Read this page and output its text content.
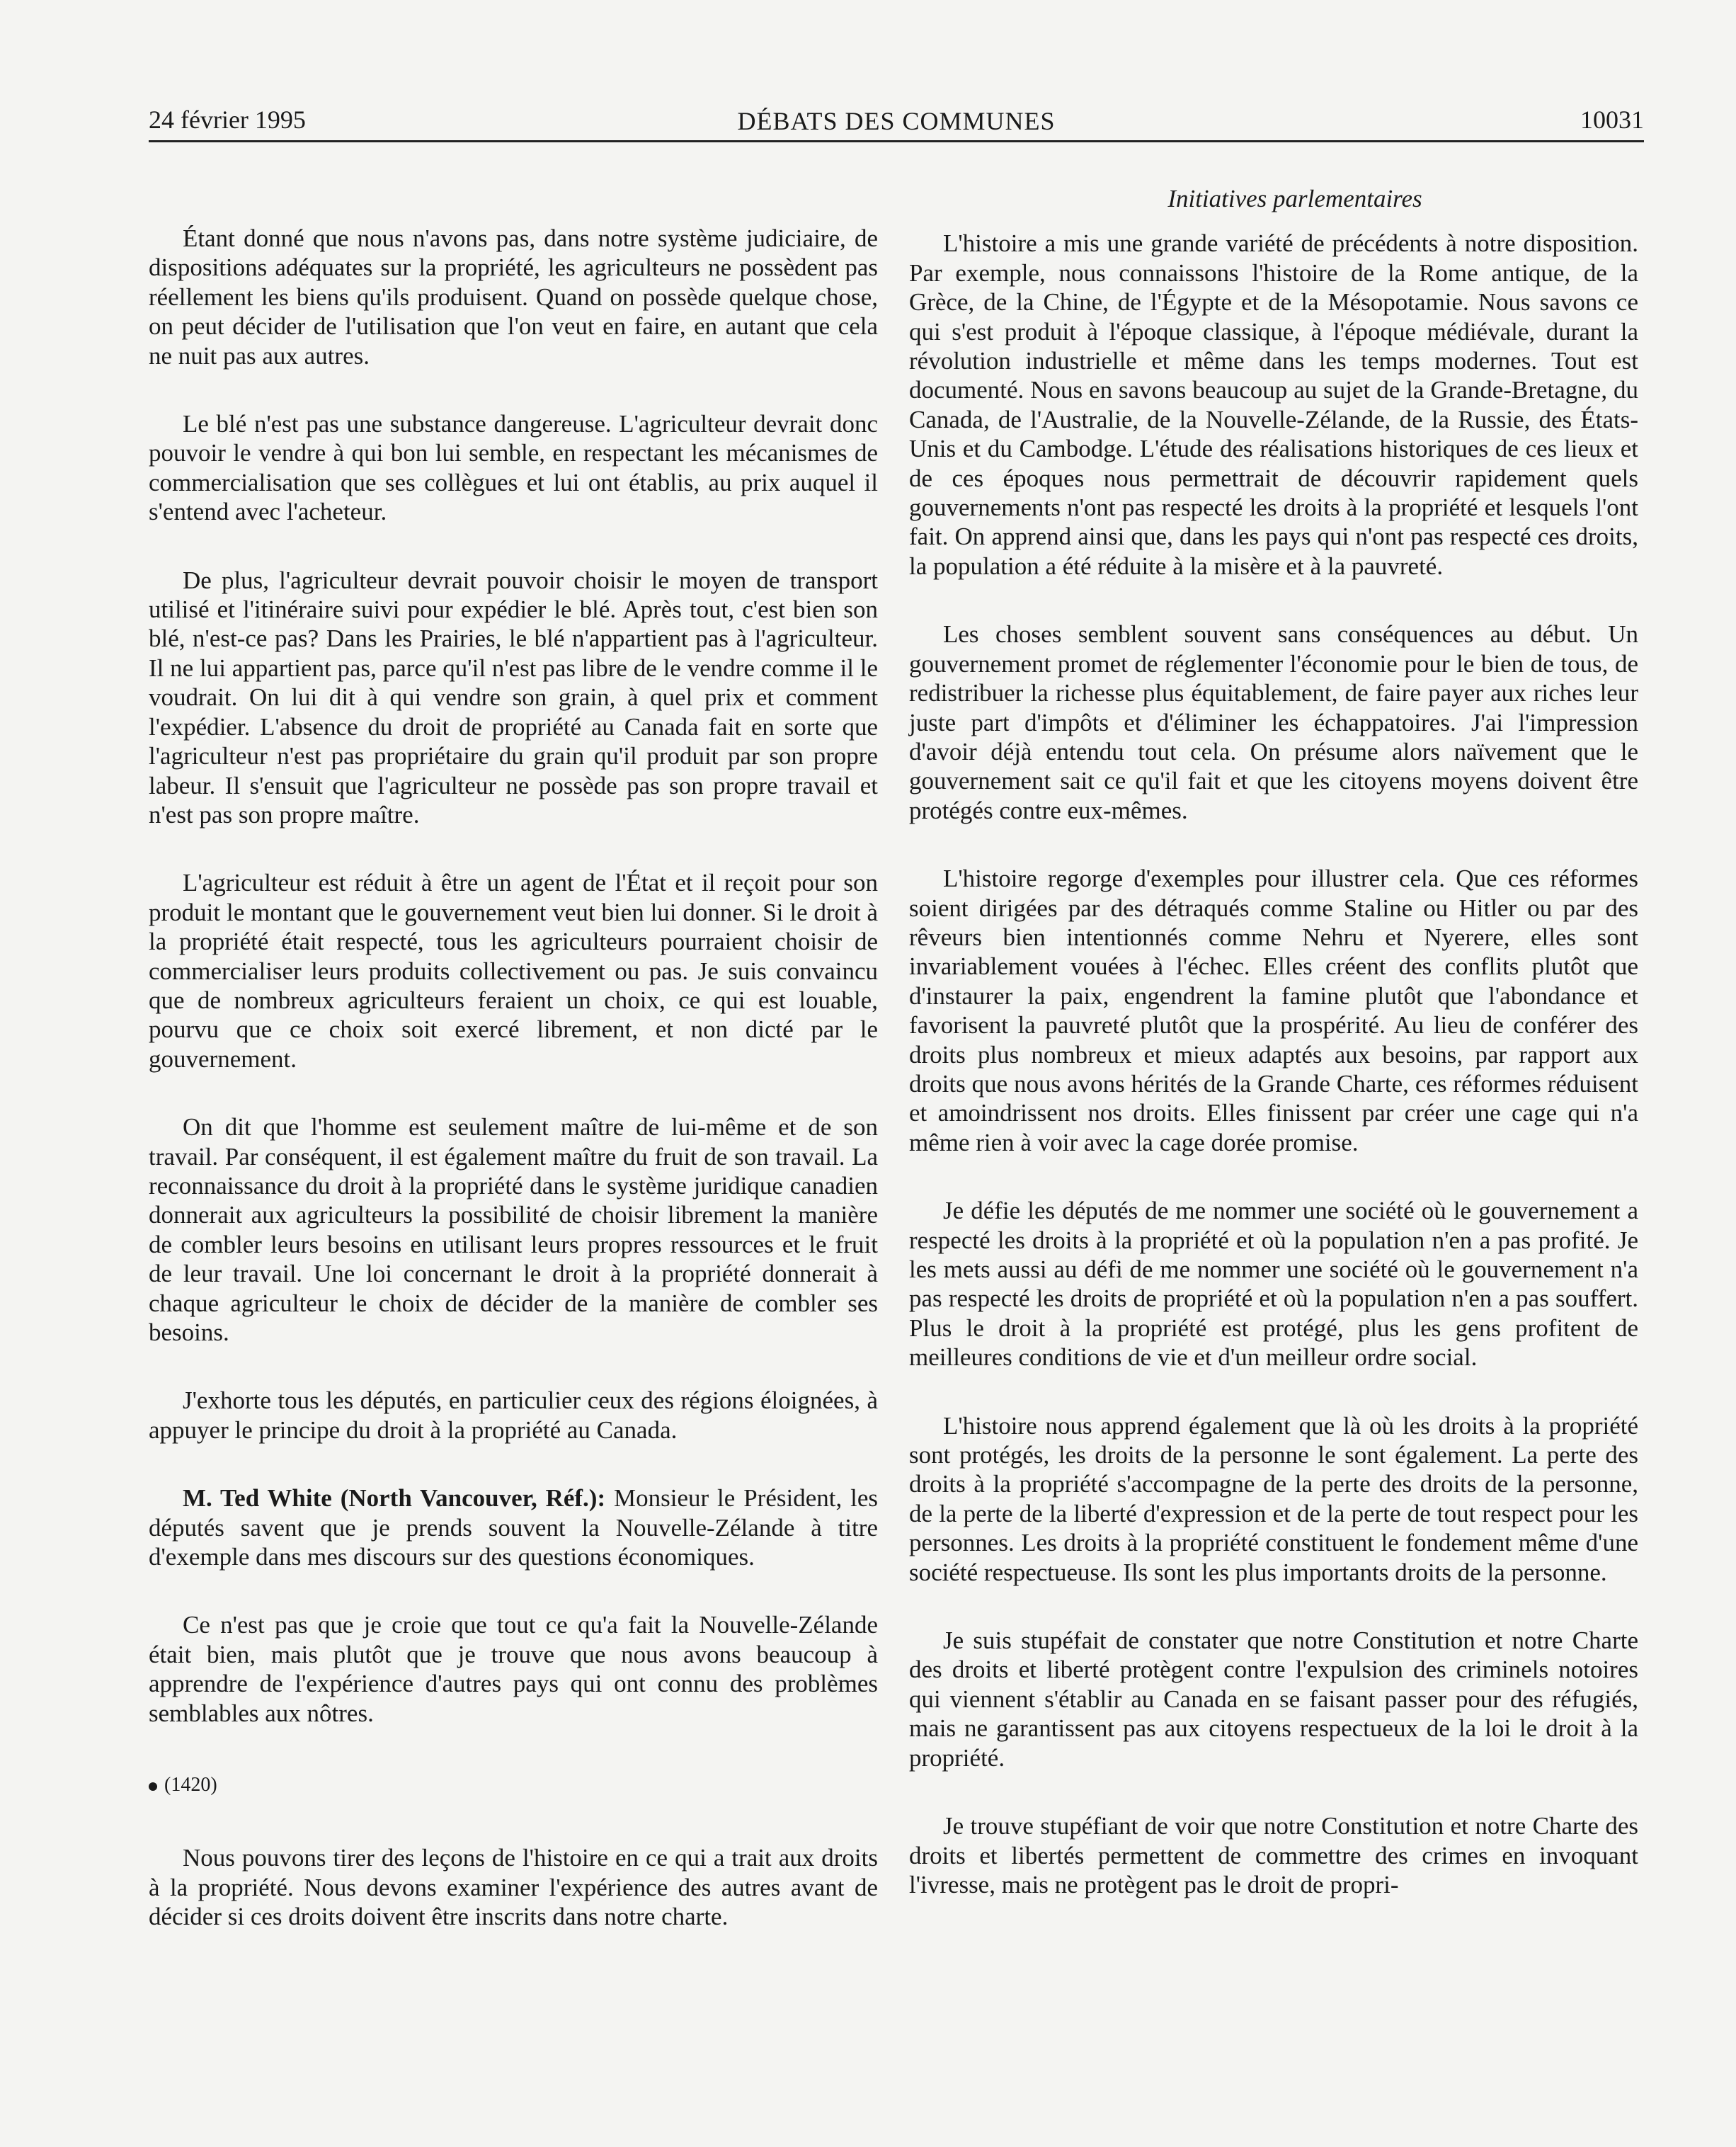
24 février 1995	DÉBATS DES COMMUNES	10031

Étant donné que nous n'avons pas, dans notre système judiciaire, de dispositions adéquates sur la propriété, les agriculteurs ne possèdent pas réellement les biens qu'ils produisent. Quand on possède quelque chose, on peut décider de l'utilisation que l'on veut en faire, en autant que cela ne nuit pas aux autres.

Le blé n'est pas une substance dangereuse. L'agriculteur devrait donc pouvoir le vendre à qui bon lui semble, en respectant les mécanismes de commercialisation que ses collègues et lui ont établis, au prix auquel il s'entend avec l'acheteur.

De plus, l'agriculteur devrait pouvoir choisir le moyen de transport utilisé et l'itinéraire suivi pour expédier le blé. Après tout, c'est bien son blé, n'est-ce pas? Dans les Prairies, le blé n'appartient pas à l'agriculteur. Il ne lui appartient pas, parce qu'il n'est pas libre de le vendre comme il le voudrait. On lui dit à qui vendre son grain, à quel prix et comment l'expédier. L'absence du droit de propriété au Canada fait en sorte que l'agriculteur n'est pas propriétaire du grain qu'il produit par son propre labeur. Il s'ensuit que l'agriculteur ne possède pas son propre travail et n'est pas son propre maître.

L'agriculteur est réduit à être un agent de l'État et il reçoit pour son produit le montant que le gouvernement veut bien lui donner. Si le droit à la propriété était respecté, tous les agriculteurs pourraient choisir de commercialiser leurs produits collectivement ou pas. Je suis convaincu que de nombreux agriculteurs feraient un choix, ce qui est louable, pourvu que ce choix soit exercé librement, et non dicté par le gouvernement.

On dit que l'homme est seulement maître de lui-même et de son travail. Par conséquent, il est également maître du fruit de son travail. La reconnaissance du droit à la propriété dans le système juridique canadien donnerait aux agriculteurs la possibilité de choisir librement la manière de combler leurs besoins en utilisant leurs propres ressources et le fruit de leur travail. Une loi concernant le droit à la propriété donnerait à chaque agriculteur le choix de décider de la manière de combler ses besoins.

J'exhorte tous les députés, en particulier ceux des régions éloignées, à appuyer le principe du droit à la propriété au Canada.

M. Ted White (North Vancouver, Réf.): Monsieur le Président, les députés savent que je prends souvent la Nouvelle-Zélande à titre d'exemple dans mes discours sur des questions économiques.

Ce n'est pas que je croie que tout ce qu'a fait la Nouvelle-Zélande était bien, mais plutôt que je trouve que nous avons beaucoup à apprendre de l'expérience d'autres pays qui ont connu des problèmes semblables aux nôtres.

(1420)

Nous pouvons tirer des leçons de l'histoire en ce qui a trait aux droits à la propriété. Nous devons examiner l'expérience des autres avant de décider si ces droits doivent être inscrits dans notre charte.

Initiatives parlementaires

L'histoire a mis une grande variété de précédents à notre disposition. Par exemple, nous connaissons l'histoire de la Rome antique, de la Grèce, de la Chine, de l'Égypte et de la Mésopotamie. Nous savons ce qui s'est produit à l'époque classique, à l'époque médiévale, durant la révolution industrielle et même dans les temps modernes. Tout est documenté. Nous en savons beaucoup au sujet de la Grande-Bretagne, du Canada, de l'Australie, de la Nouvelle-Zélande, de la Russie, des États-Unis et du Cambodge. L'étude des réalisations historiques de ces lieux et de ces époques nous permettrait de découvrir rapidement quels gouvernements n'ont pas respecté les droits à la propriété et lesquels l'ont fait. On apprend ainsi que, dans les pays qui n'ont pas respecté ces droits, la population a été réduite à la misère et à la pauvreté.

Les choses semblent souvent sans conséquences au début. Un gouvernement promet de réglementer l'économie pour le bien de tous, de redistribuer la richesse plus équitablement, de faire payer aux riches leur juste part d'impôts et d'éliminer les échappatoires. J'ai l'impression d'avoir déjà entendu tout cela. On présume alors naïvement que le gouvernement sait ce qu'il fait et que les citoyens moyens doivent être protégés contre eux-mêmes.

L'histoire regorge d'exemples pour illustrer cela. Que ces réformes soient dirigées par des détraqués comme Staline ou Hitler ou par des rêveurs bien intentionnés comme Nehru et Nyerere, elles sont invariablement vouées à l'échec. Elles créent des conflits plutôt que d'instaurer la paix, engendrent la famine plutôt que l'abondance et favorisent la pauvreté plutôt que la prospérité. Au lieu de conférer des droits plus nombreux et mieux adaptés aux besoins, par rapport aux droits que nous avons hérités de la Grande Charte, ces réformes réduisent et amoindrissent nos droits. Elles finissent par créer une cage qui n'a même rien à voir avec la cage dorée promise.

Je défie les députés de me nommer une société où le gouvernement a respecté les droits à la propriété et où la population n'en a pas profité. Je les mets aussi au défi de me nommer une société où le gouvernement n'a pas respecté les droits de propriété et où la population n'en a pas souffert. Plus le droit à la propriété est protégé, plus les gens profitent de meilleures conditions de vie et d'un meilleur ordre social.

L'histoire nous apprend également que là où les droits à la propriété sont protégés, les droits de la personne le sont également. La perte des droits à la propriété s'accompagne de la perte des droits de la personne, de la perte de la liberté d'expression et de la perte de tout respect pour les personnes. Les droits à la propriété constituent le fondement même d'une société respectueuse. Ils sont les plus importants droits de la personne.

Je suis stupéfait de constater que notre Constitution et notre Charte des droits et liberté protègent contre l'expulsion des criminels notoires qui viennent s'établir au Canada en se faisant passer pour des réfugiés, mais ne garantissent pas aux citoyens respectueux de la loi le droit à la propriété.

Je trouve stupéfiant de voir que notre Constitution et notre Charte des droits et libertés permettent de commettre des crimes en invoquant l'ivresse, mais ne protègent pas le droit de propri-
